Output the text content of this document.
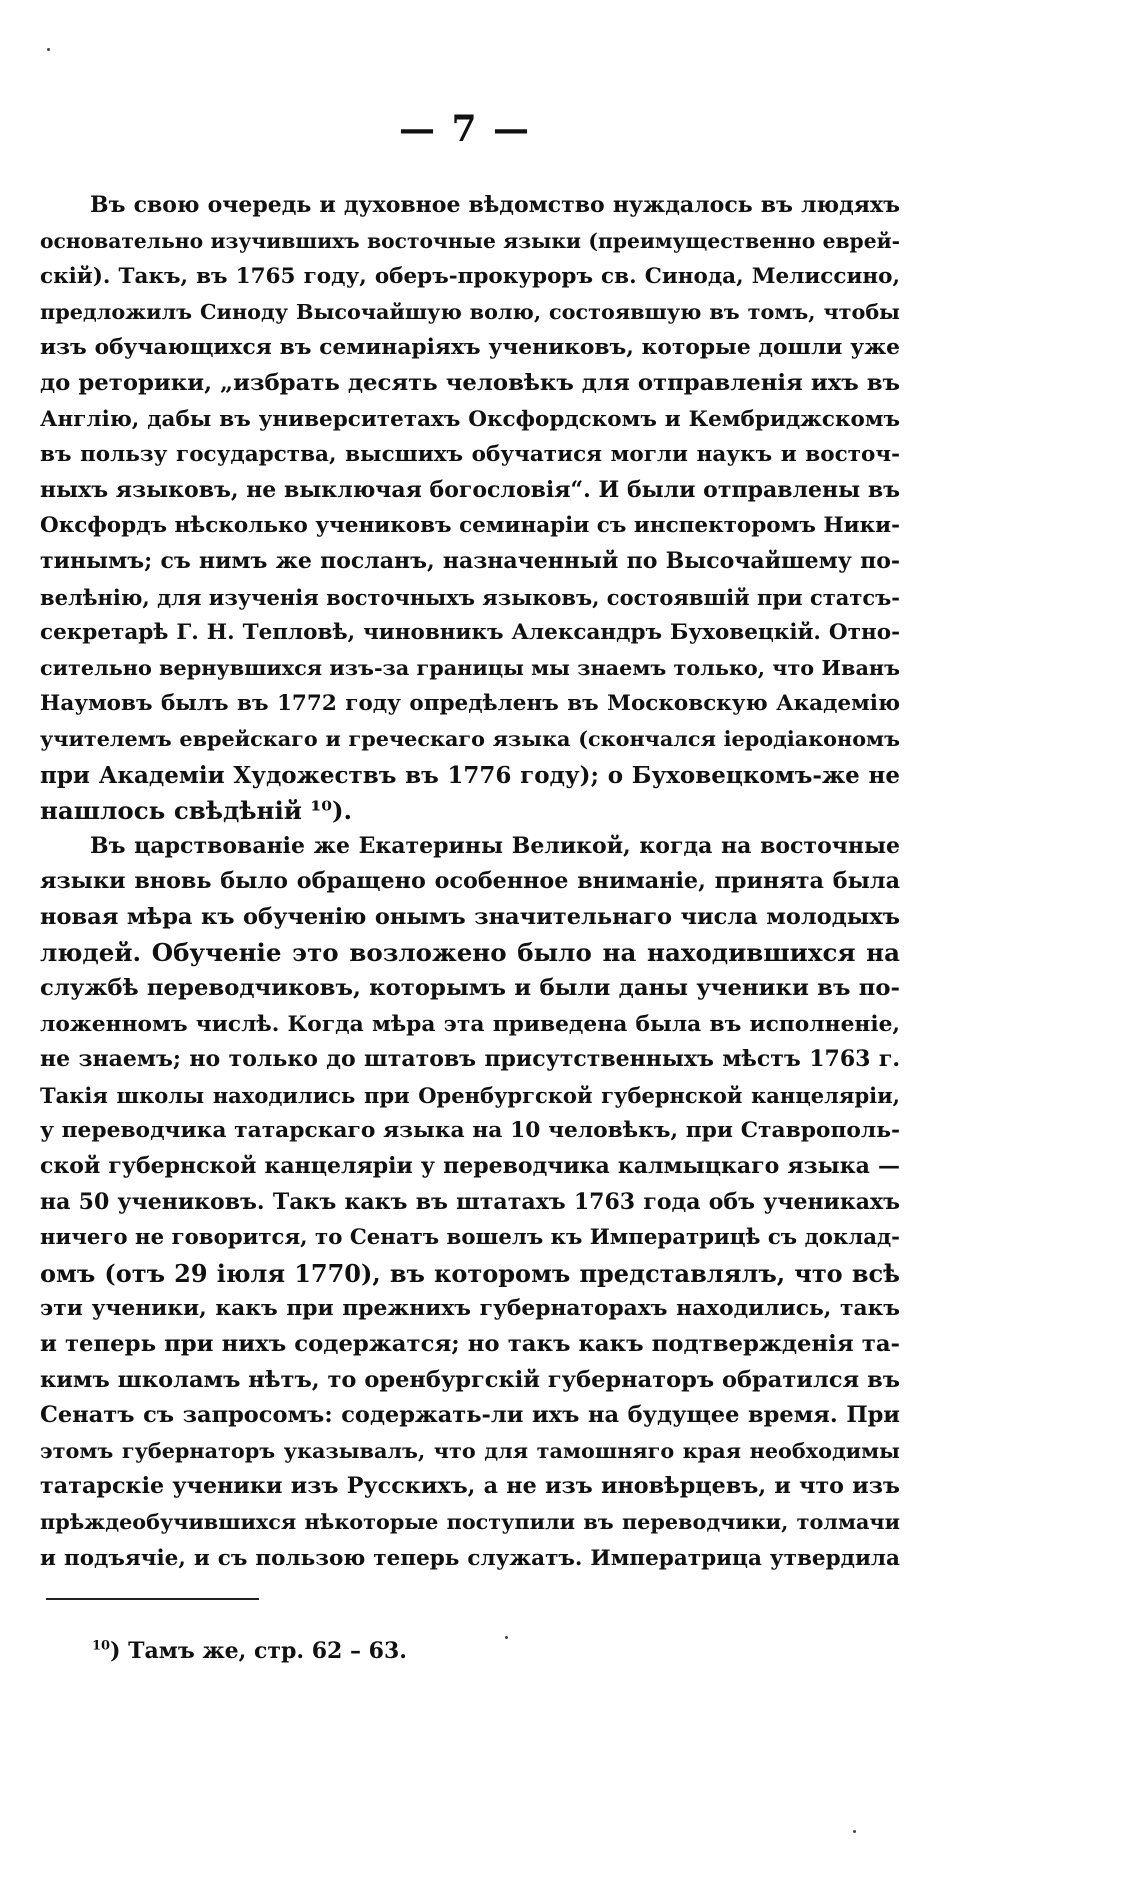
— 7 —
Въ свою очередь и духовное вѣдомство нуждалось въ людяхъ
основательно изучившихъ восточные языки (преимущественно еврей-
скій). Такъ, въ 1765 году, оберъ-прокуроръ св. Синода, Мелиссино,
предложилъ Синоду Высочайшую волю, состоявшую въ томъ, чтобы
изъ обучающихся въ семинаріяхъ учениковъ, которые дошли уже
до реторики, „избрать десять человѣкъ для отправленія ихъ въ
Англію, дабы въ университетахъ Оксфордскомъ и Кембриджскомъ
въ пользу государства, высшихъ обучатися могли наукъ и восточ-
ныхъ языковъ, не выключая богословія“. И были отправлены въ
Оксфордъ нѣсколько учениковъ семинаріи съ инспекторомъ Ники-
тинымъ; съ нимъ же посланъ, назначенный по Высочайшему по-
велѣнію, для изученія восточныхъ языковъ, состоявшій при статсъ-
секретарѣ Г. Н. Тепловѣ, чиновникъ Александръ Буховецкій. Отно-
сительно вернувшихся изъ-за границы мы знаемъ только, что Иванъ
Наумовъ былъ въ 1772 году опредѣленъ въ Московскую Академію
учителемъ еврейскаго и греческаго языка (скончался іеродіакономъ
при Академіи Художествъ въ 1776 году); о Буховецкомъ-же не
нашлось свѣдѣній ¹⁰).
Въ царствованіе же Екатерины Великой, когда на восточные
языки вновь было обращено особенное вниманіе, принята была
новая мѣра къ обученію онымъ значительнаго числа молодыхъ
людей. Обученіе это возложено было на находившихся на
службѣ переводчиковъ, которымъ и были даны ученики въ по-
ложенномъ числѣ. Когда мѣра эта приведена была въ исполненіе,
не знаемъ; но только до штатовъ присутственныхъ мѣстъ 1763 г.
Такія школы находились при Оренбургской губернской канцеляріи,
у переводчика татарскаго языка на 10 человѣкъ, при Ставрополь-
ской губернской канцеляріи у переводчика калмыцкаго языка —
на 50 учениковъ. Такъ какъ въ штатахъ 1763 года объ ученикахъ
ничего не говорится, то Сенатъ вошелъ къ Императрицѣ съ доклад-
омъ (отъ 29 іюля 1770), въ которомъ представлялъ, что всѣ
эти ученики, какъ при прежнихъ губернаторахъ находились, такъ
и теперь при нихъ содержатся; но такъ какъ подтвержденія та-
кимъ школамъ нѣтъ, то оренбургскій губернаторъ обратился въ
Сенатъ съ запросомъ: содержать-ли ихъ на будущее время. При
этомъ губернаторъ указывалъ, что для тамошняго края необходимы
татарскіе ученики изъ Русскихъ, а не изъ иновѣрцевъ, и что изъ
прѣждеобучившихся нѣкоторые поступили въ переводчики, толмачи
и подъячіе, и съ пользою теперь служатъ. Императрица утвердила
$^{10}$) Тамъ же, стр. 62 – 63.
